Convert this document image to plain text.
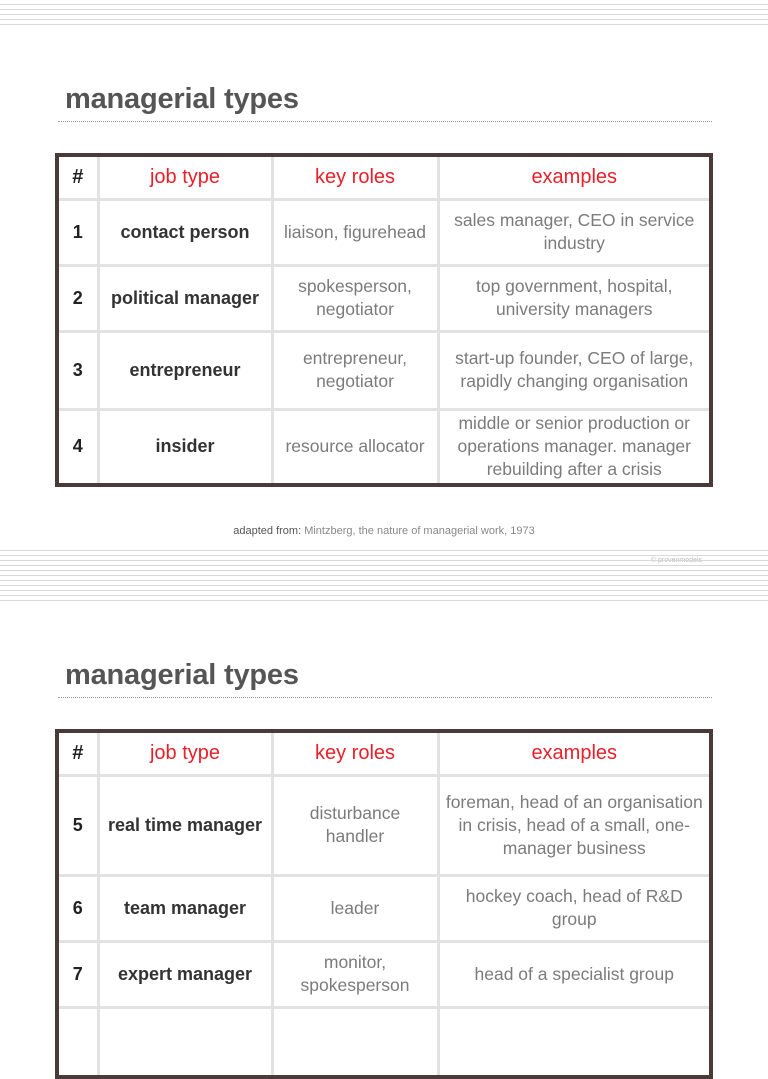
managerial types
#	job type	key roles	examples
1	contact person	liaison, figurehead	sales manager, CEO in service industry
2	political manager	spokesperson, negotiator	top government, hospital, university managers
3	entrepreneur	entrepreneur, negotiator	start-up founder, CEO of large, rapidly changing organisation
4	insider	resource allocator	middle or senior production or operations manager. manager rebuilding after a crisis
adapted from: Mintzberg, the nature of managerial work, 1973
managerial types
#	job type	key roles	examples
5	real time manager	disturbance handler	foreman, head of an organisation in crisis, head of a small, one-manager business
6	team manager	leader	hockey coach, head of R&D group
7	expert manager	monitor, spokesperson	head of a specialist group
